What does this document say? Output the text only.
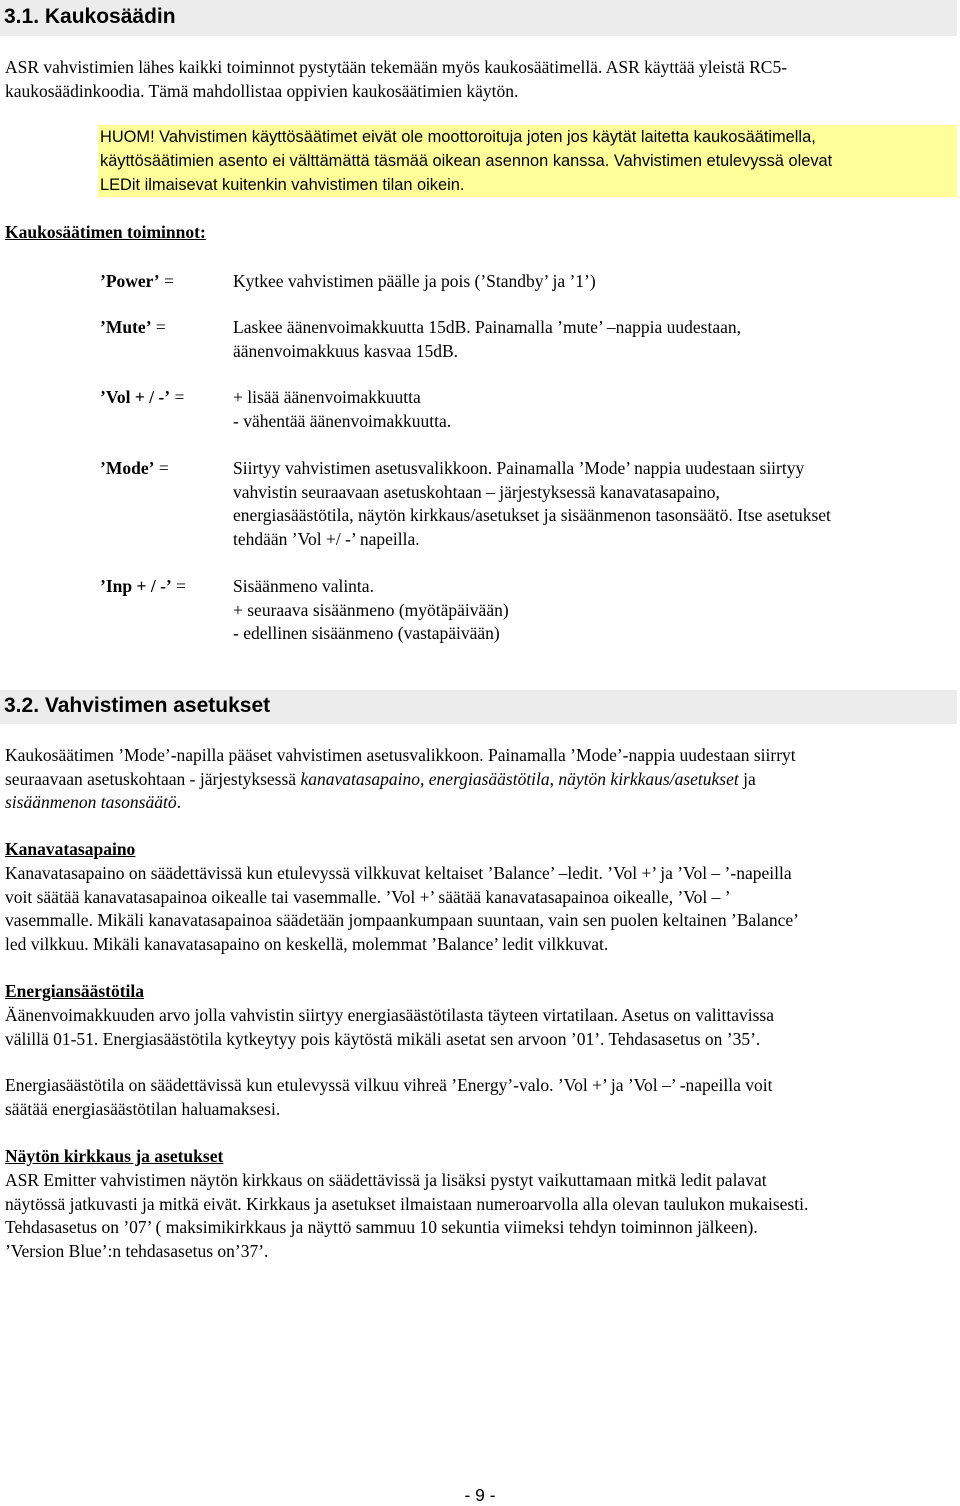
3.1. Kaukosäädin
ASR vahvistimien lähes kaikki toiminnot pystytään tekemään myös kaukosäätimellä. ASR käyttää yleistä RC5-
kaukosäädinkoodia. Tämä mahdollistaa oppivien kaukosäätimien käytön.
HUOM! Vahvistimen käyttösäätimet eivät ole moottoroituja joten jos käytät laitetta kaukosäätimella,
käyttösäätimien asento ei välttämättä täsmää oikean asennon kanssa. Vahvistimen etulevyssä olevat
LEDit ilmaisevat kuitenkin vahvistimen tilan oikein.
Kaukosäätimen toiminnot:
’Power’ =	Kytkee vahvistimen päälle ja pois (’Standby’ ja ’1’)
’Mute’ =	Laskee äänenvoimakkuutta 15dB. Painamalla ’mute’ –nappia uudestaan,
äänenvoimakkuus kasvaa 15dB.
’Vol + / -’ =	+ lisää äänenvoimakkuutta
- vähentää äänenvoimakkuutta.
’Mode’ =	Siirtyy vahvistimen asetusvalikkoon. Painamalla ’Mode’ nappia uudestaan siirtyy
vahvistin seuraavaan asetuskohtaan – järjestyksessä kanavatasapaino,
energiasäästötila, näytön kirkkaus/asetukset ja sisäänmenon tasonsäätö. Itse asetukset
tehdään ’Vol +/ -’ napeilla.
’Inp + / -’ =	Sisäänmeno valinta.
+ seuraava sisäänmeno (myötäpäivään)
- edellinen sisäänmeno (vastapäivään)
3.2. Vahvistimen asetukset
Kaukosäätimen ’Mode’-napilla pääset vahvistimen asetusvalikkoon. Painamalla ’Mode’-nappia uudestaan siirryt
seuraavaan asetuskohtaan - järjestyksessä kanavatasapaino, energiasäästötila, näytön kirkkaus/asetukset ja
sisäänmenon tasonsäätö.
Kanavatasapaino
Kanavatasapaino on säädettävissä kun etulevyssä vilkkuvat keltaiset ’Balance’ –ledit. ’Vol +’ ja ’Vol – ’-napeilla
voit säätää kanavatasapainoa oikealle tai vasemmalle. ’Vol +’ säätää kanavatasapainoa oikealle, ’Vol – ’
vasemmalle. Mikäli kanavatasapainoa säädetään jompaankumpaan suuntaan, vain sen puolen keltainen ’Balance’
led vilkkuu. Mikäli kanavatasapaino on keskellä, molemmat ’Balance’ ledit vilkkuvat.
Energiansäästötila
Äänenvoimakkuuden arvo jolla vahvistin siirtyy energiasäästötilasta täyteen virtatilaan. Asetus on valittavissa
välillä 01-51. Energiasäästötila kytkeytyy pois käytöstä mikäli asetat sen arvoon ’01’. Tehdasasetus on ’35’.
Energiasäästötila on säädettävissä kun etulevyssä vilkuu vihreä ’Energy’-valo. ’Vol +’ ja ’Vol –’ -napeilla voit
säätää energiasäästötilan haluamaksesi.
Näytön kirkkaus ja asetukset
ASR Emitter vahvistimen näytön kirkkaus on säädettävissä ja lisäksi pystyt vaikuttamaan mitkä ledit palavat
näytössä jatkuvasti ja mitkä eivät. Kirkkaus ja asetukset ilmaistaan numeroarvolla alla olevan taulukon mukaisesti.
Tehdasasetus on ’07’ ( maksimikirkkaus ja näyttö sammuu 10 sekuntia viimeksi tehdyn toiminnon jälkeen).
’Version Blue’:n tehdasasetus on’37’.
- 9 -
